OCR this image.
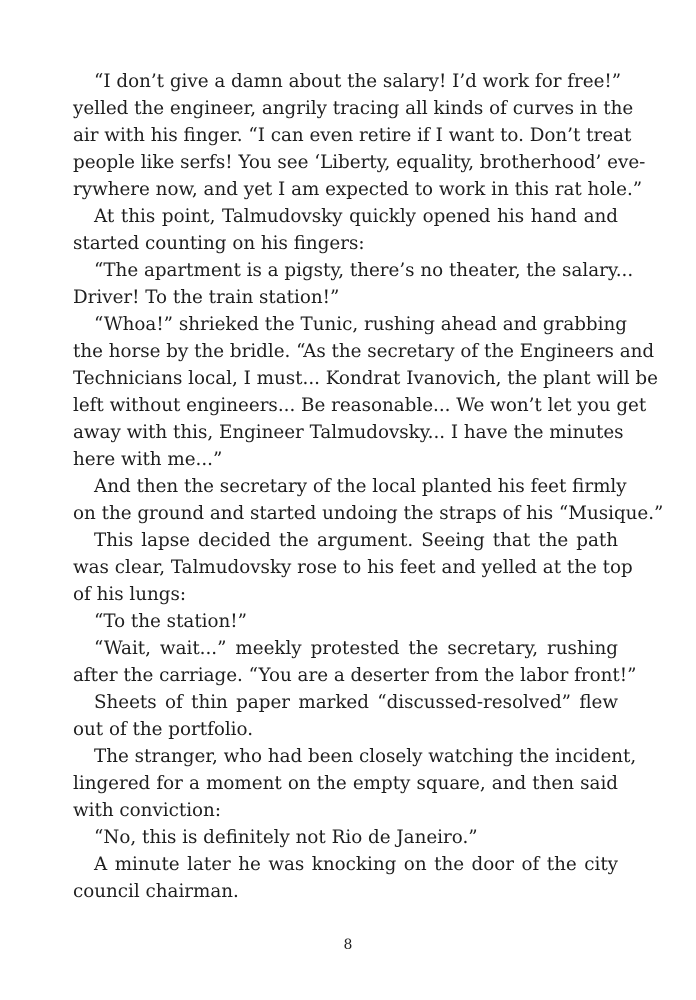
“I don’t give a damn about the salary! I’d work for free!”
yelled the engineer, angrily tracing all kinds of curves in the
air with his finger. “I can even retire if I want to. Don’t treat
people like serfs! You see ‘Liberty, equality, brotherhood’ eve-
rywhere now, and yet I am expected to work in this rat hole.”
At this point, Talmudovsky quickly opened his hand and
started counting on his fingers:
“The apartment is a pigsty, there’s no theater, the salary...
Driver! To the train station!”
“Whoa!” shrieked the Tunic, rushing ahead and grabbing
the horse by the bridle. “As the secretary of the Engineers and
Technicians local, I must... Kondrat Ivanovich, the plant will be
left without engineers... Be reasonable... We won’t let you get
away with this, Engineer Talmudovsky... I have the minutes
here with me...”
And then the secretary of the local planted his feet firmly
on the ground and started undoing the straps of his “Musique.”
This lapse decided the argument. Seeing that the path
was clear, Talmudovsky rose to his feet and yelled at the top
of his lungs:
“To the station!”
“Wait, wait...” meekly protested the secretary, rushing
after the carriage. “You are a deserter from the labor front!”
Sheets of thin paper marked “discussed-resolved” flew
out of the portfolio.
The stranger, who had been closely watching the incident,
lingered for a moment on the empty square, and then said
with conviction:
“No, this is definitely not Rio de Janeiro.”
A minute later he was knocking on the door of the city
council chairman.
8
